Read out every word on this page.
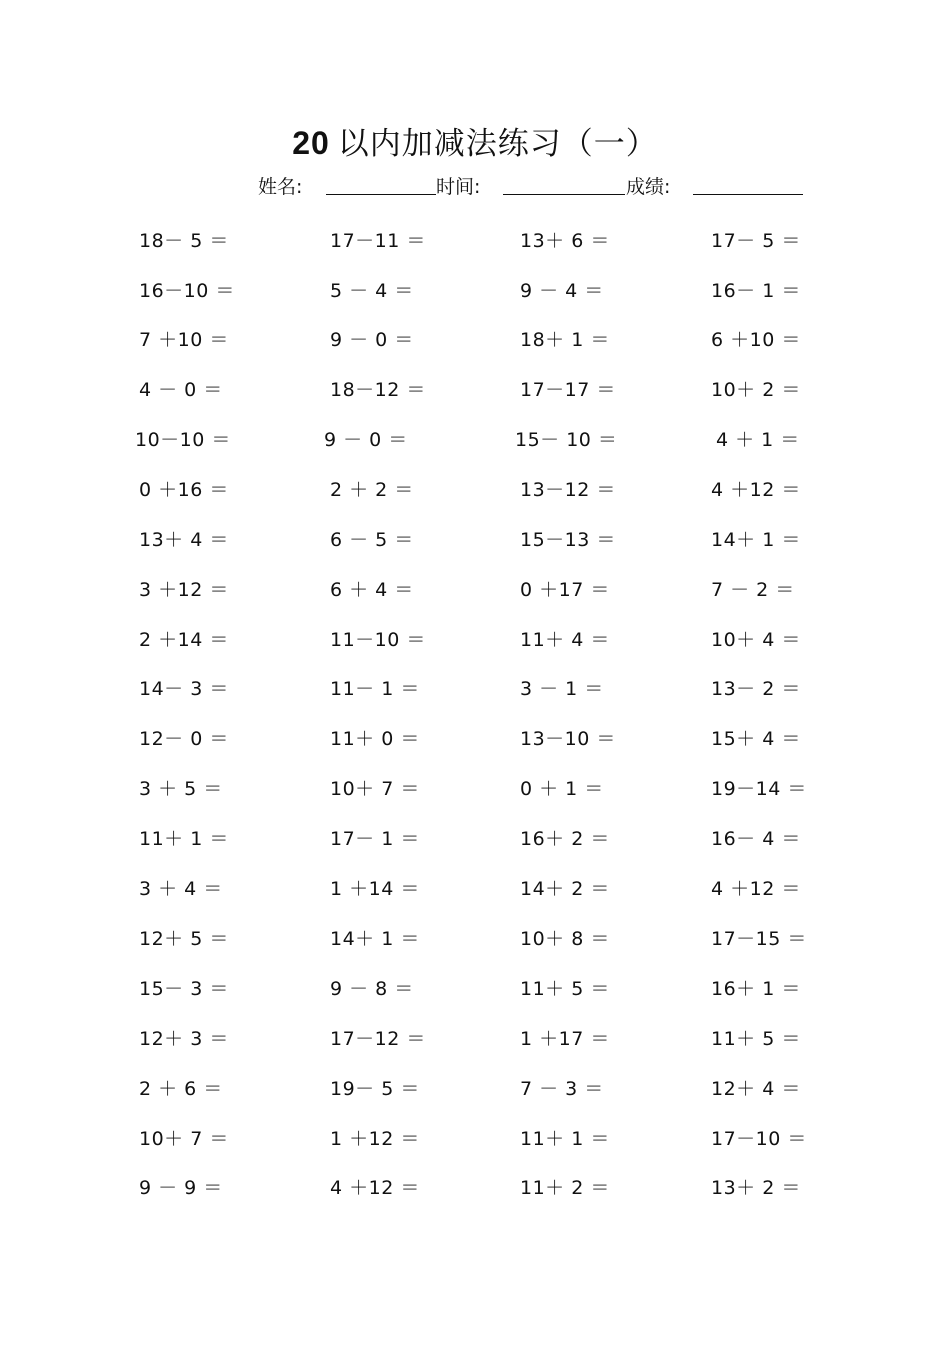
20 以内加减法练习（一）
姓名:	时间:	成绩:
18－ 5 ＝	17－11 ＝	13＋ 6 ＝	17－ 5 ＝
16－10 ＝	5 － 4 ＝	9 － 4 ＝	16－ 1 ＝
7 ＋10 ＝	9 － 0 ＝	18＋ 1 ＝	6 ＋10 ＝
4 － 0 ＝	18－12 ＝	17－17 ＝	10＋ 2 ＝
10－10 ＝	9 － 0 ＝	15－ 10 ＝	4 ＋ 1 ＝
0 ＋16 ＝	2 ＋ 2 ＝	13－12 ＝	4 ＋12 ＝
13＋ 4 ＝	6 － 5 ＝	15－13 ＝	14＋ 1 ＝
3 ＋12 ＝	6 ＋ 4 ＝	0 ＋17 ＝	7 － 2 ＝
2 ＋14 ＝	11－10 ＝	11＋ 4 ＝	10＋ 4 ＝
14－ 3 ＝	11－ 1 ＝	3 － 1 ＝	13－ 2 ＝
12－ 0 ＝	11＋ 0 ＝	13－10 ＝	15＋ 4 ＝
3 ＋ 5 ＝	10＋ 7 ＝	0 ＋ 1 ＝	19－14 ＝
11＋ 1 ＝	17－ 1 ＝	16＋ 2 ＝	16－ 4 ＝
3 ＋ 4 ＝	1 ＋14 ＝	14＋ 2 ＝	4 ＋12 ＝
12＋ 5 ＝	14＋ 1 ＝	10＋ 8 ＝	17－15 ＝
15－ 3 ＝	9 － 8 ＝	11＋ 5 ＝	16＋ 1 ＝
12＋ 3 ＝	17－12 ＝	1 ＋17 ＝	11＋ 5 ＝
2 ＋ 6 ＝	19－ 5 ＝	7 － 3 ＝	12＋ 4 ＝
10＋ 7 ＝	1 ＋12 ＝	11＋ 1 ＝	17－10 ＝
9 － 9 ＝	4 ＋12 ＝	11＋ 2 ＝	13＋ 2 ＝
